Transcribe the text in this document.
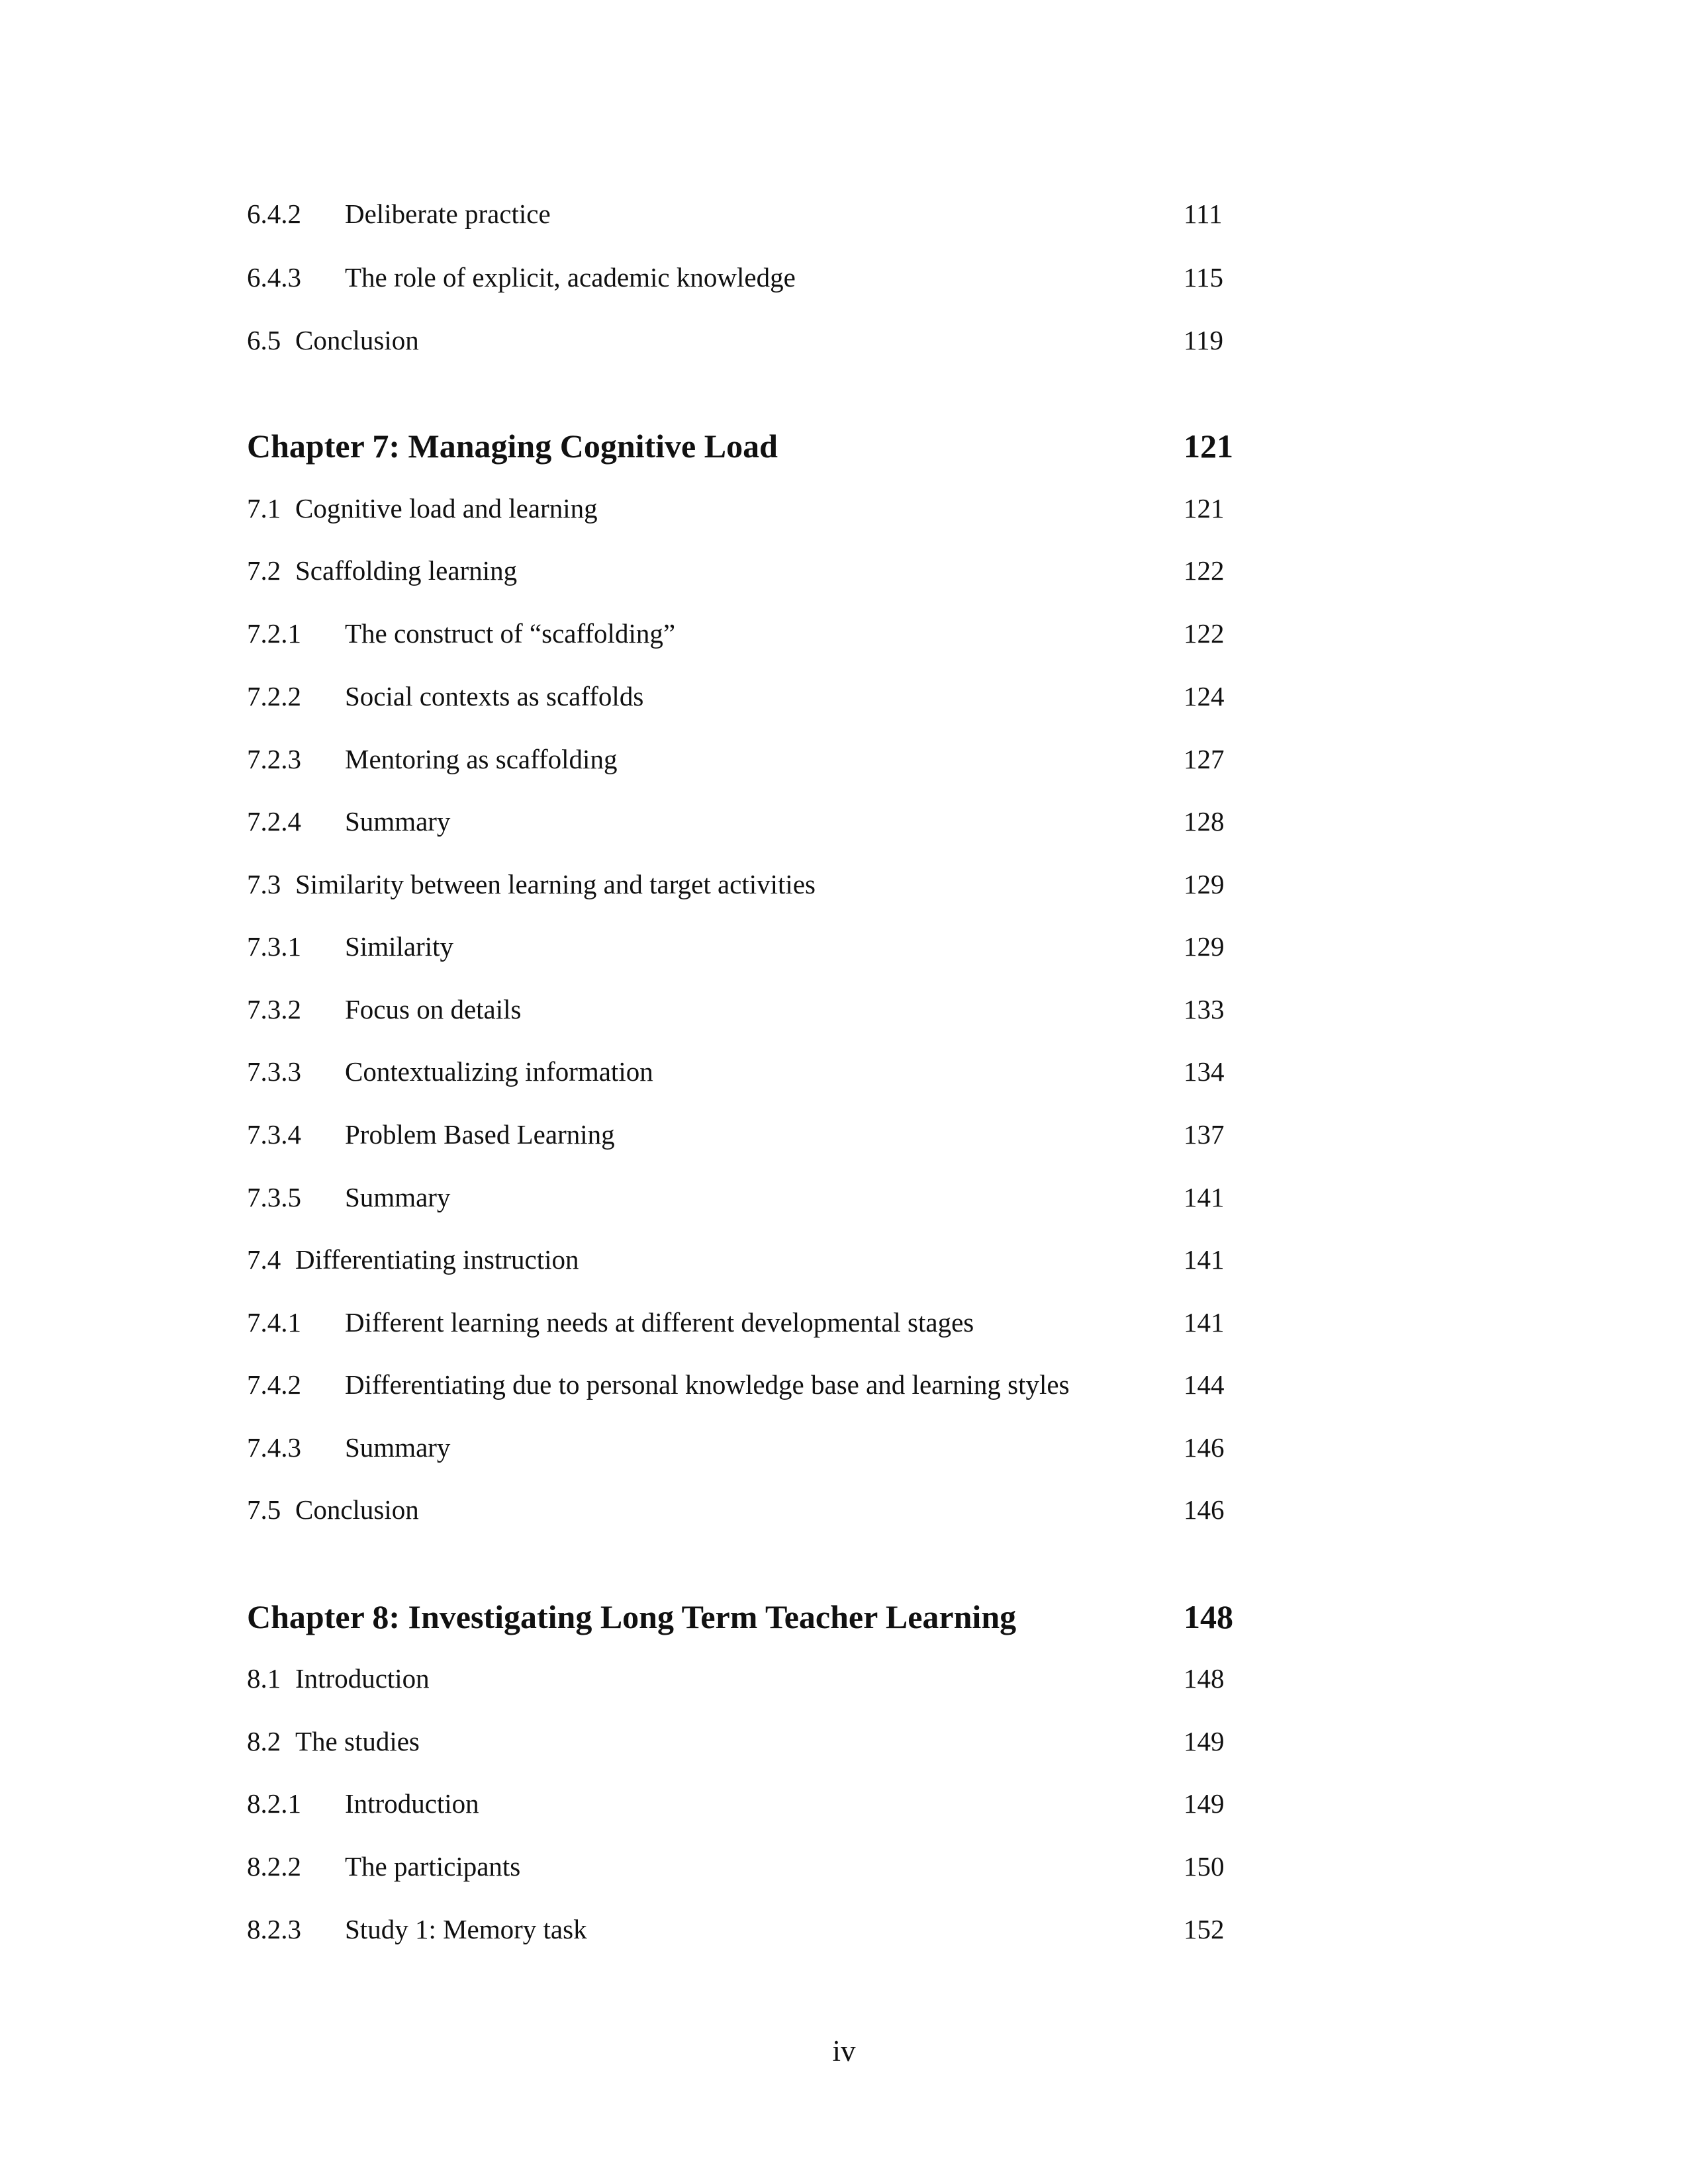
6.4.2 Deliberate practice	111
6.4.3 The role of explicit, academic knowledge	115
6.5 Conclusion	119
Chapter 7: Managing Cognitive Load	121
7.1 Cognitive load and learning	121
7.2 Scaffolding learning	122
7.2.1 The construct of “scaffolding”	122
7.2.2 Social contexts as scaffolds	124
7.2.3 Mentoring as scaffolding	127
7.2.4 Summary	128
7.3 Similarity between learning and target activities	129
7.3.1 Similarity	129
7.3.2 Focus on details	133
7.3.3 Contextualizing information	134
7.3.4 Problem Based Learning	137
7.3.5 Summary	141
7.4 Differentiating instruction	141
7.4.1 Different learning needs at different developmental stages	141
7.4.2 Differentiating due to personal knowledge base and learning styles	144
7.4.3 Summary	146
7.5 Conclusion	146
Chapter 8: Investigating Long Term Teacher Learning	148
8.1 Introduction	148
8.2 The studies	149
8.2.1 Introduction	149
8.2.2 The participants	150
8.2.3 Study 1: Memory task	152
iv
